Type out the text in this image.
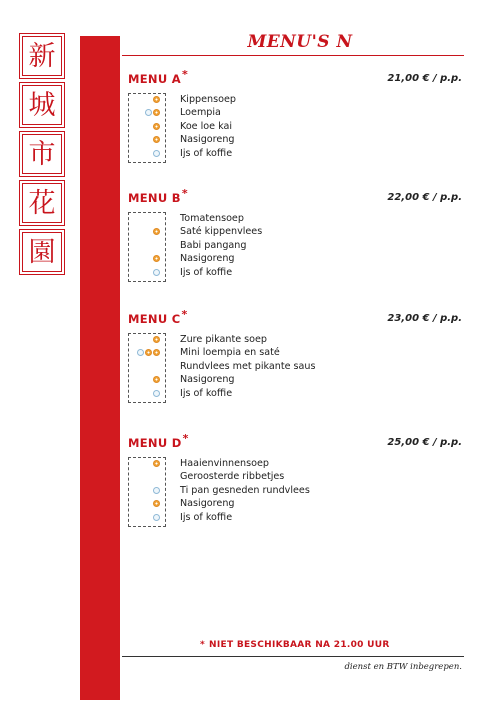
新
城
市
花
園
MENU'S N
MENU A*	21,00 € / p.p.
Kippensoep
Loempia
Koe loe kai
Nasigoreng
Ijs of koffie
MENU B*	22,00 € / p.p.
Tomatensoep
Saté kippenvlees
Babi pangang
Nasigoreng
Ijs of koffie
MENU C*	23,00 € / p.p.
Zure pikante soep
Mini loempia en saté
Rundvlees met pikante saus
Nasigoreng
Ijs of koffie
MENU D*	25,00 € / p.p.
Haaienvinnensoep
Geroosterde ribbetjes
Ti pan gesneden rundvlees
Nasigoreng
Ijs of koffie
* NIET BESCHIKBAAR NA 21.00 UUR
dienst en BTW inbegrepen.
